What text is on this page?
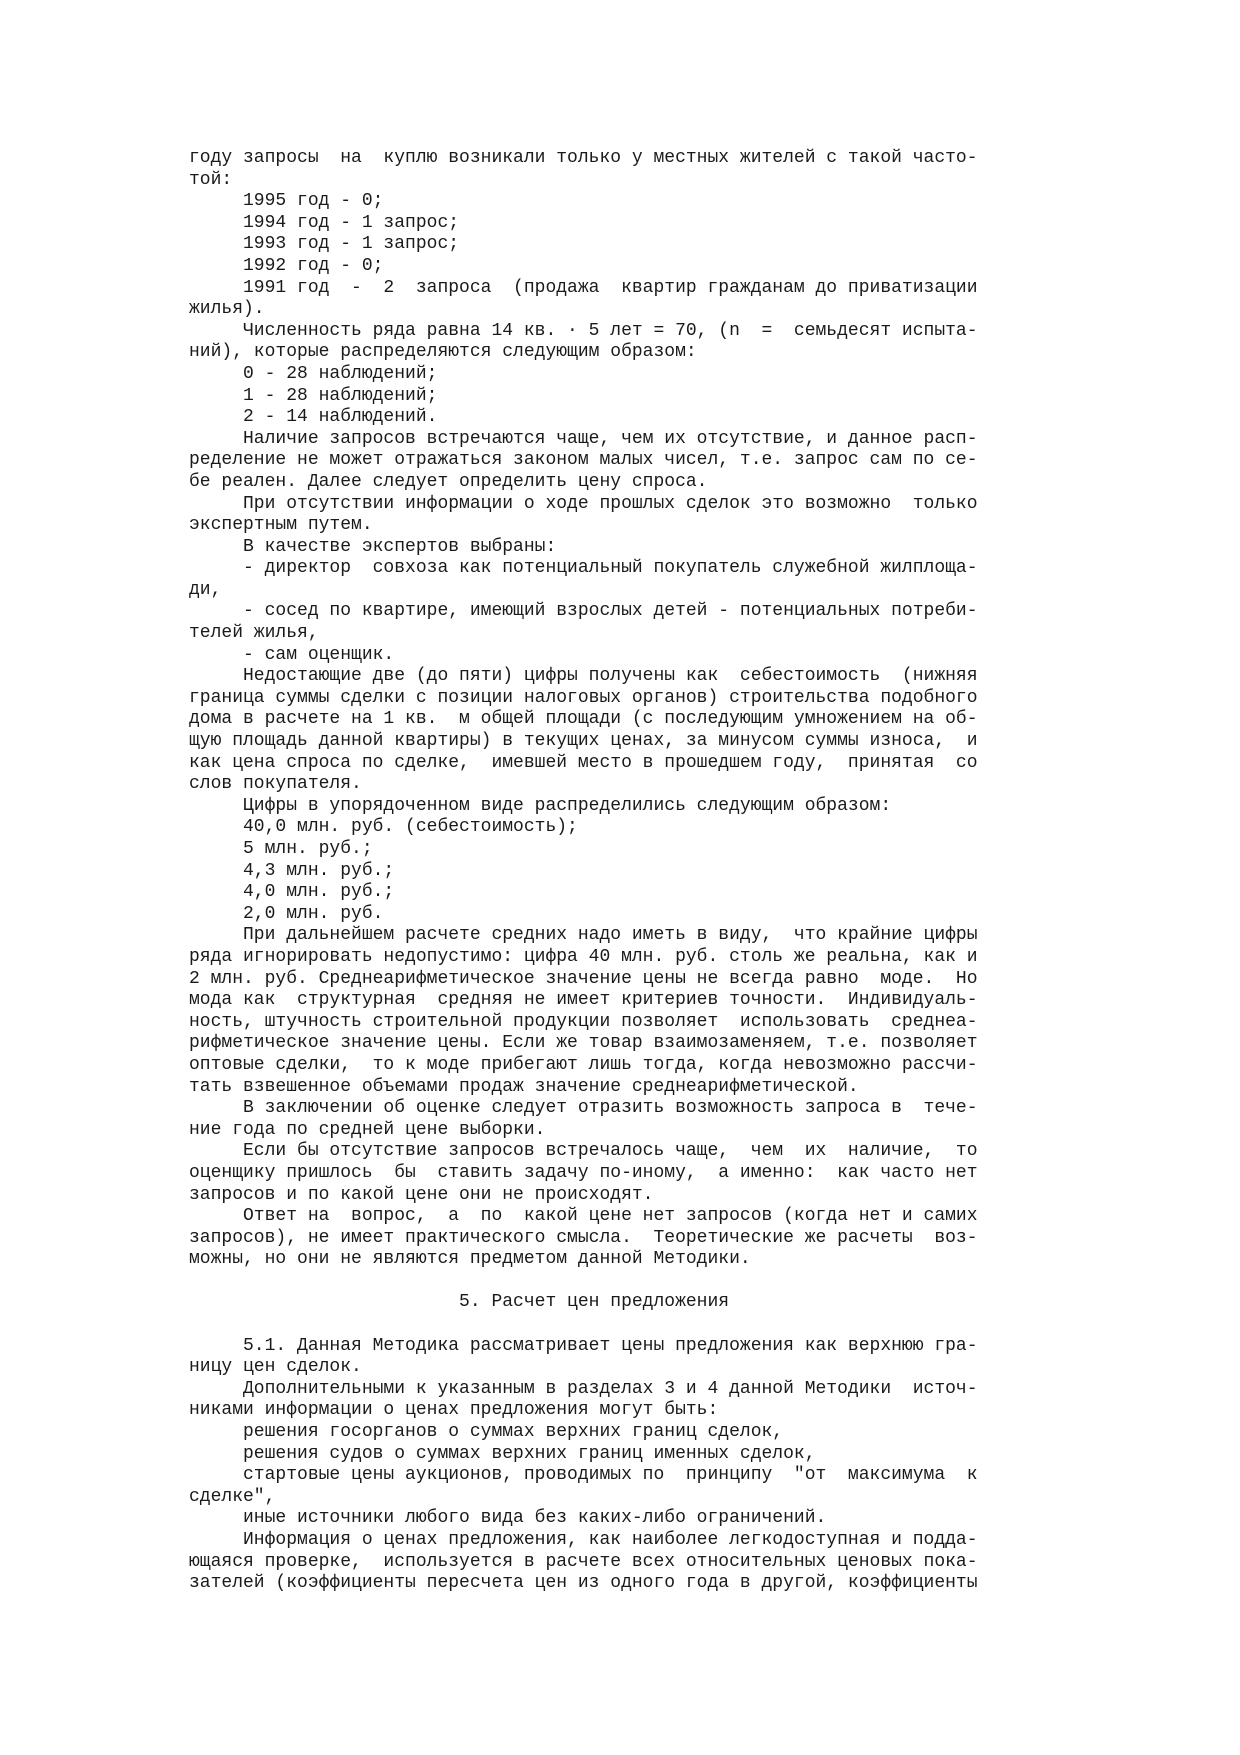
году запросы  на  куплю возникали только у местных жителей с такой часто-
той:
1995 год - 0;
1994 год - 1 запрос;
1993 год - 1 запрос;
1992 год - 0;
1991 год  -  2  запроса  (продажа  квартир гражданам до приватизации
жилья).
Численность ряда равна 14 кв. · 5 лет = 70, (n  =  семьдесят испыта-
ний), которые распределяются следующим образом:
0 - 28 наблюдений;
1 - 28 наблюдений;
2 - 14 наблюдений.
Наличие запросов встречаются чаще, чем их отсутствие, и данное расп-
ределение не может отражаться законом малых чисел, т.е. запрос сам по се-
бе реален. Далее следует определить цену спроса.
При отсутствии информации о ходе прошлых сделок это возможно  только
экспертным путем.
В качестве экспертов выбраны:
- директор  совхоза как потенциальный покупатель служебной жилплоща-
ди,
- сосед по квартире, имеющий взрослых детей - потенциальных потреби-
телей жилья,
- сам оценщик.
Недостающие две (до пяти) цифры получены как  себестоимость  (нижняя
граница суммы сделки с позиции налоговых органов) строительства подобного
дома в расчете на 1 кв.  м общей площади (с последующим умножением на об-
щую площадь данной квартиры) в текущих ценах, за минусом суммы износа,  и
как цена спроса по сделке,  имевшей место в прошедшем году,  принятая  со
слов покупателя.
Цифры в упорядоченном виде распределились следующим образом:
40,0 млн. руб. (себестоимость);
5 млн. руб.;
4,3 млн. руб.;
4,0 млн. руб.;
2,0 млн. руб.
При дальнейшем расчете средних надо иметь в виду,  что крайние цифры
ряда игнорировать недопустимо: цифра 40 млн. руб. столь же реальна, как и
2 млн. руб. Среднеарифметическое значение цены не всегда равно  моде.  Но
мода как  структурная  средняя не имеет критериев точности.  Индивидуаль-
ность, штучность строительной продукции позволяет  использовать  среднеа-
рифметическое значение цены. Если же товар взаимозаменяем, т.е. позволяет
оптовые сделки,  то к моде прибегают лишь тогда, когда невозможно рассчи-
тать взвешенное объемами продаж значение среднеарифметической.
В заключении об оценке следует отразить возможность запроса в  тече-
ние года по средней цене выборки.
Если бы отсутствие запросов встречалось чаще,  чем  их  наличие,  то
оценщику пришлось  бы  ставить задачу по-иному,  а именно:  как часто нет
запросов и по какой цене они не происходят.
Ответ на  вопрос,  а  по  какой цене нет запросов (когда нет и самих
запросов), не имеет практического смысла.  Теоретические же расчеты  воз-
можны, но они не являются предметом данной Методики.
5. Расчет цен предложения
5.1. Данная Методика рассматривает цены предложения как верхнюю гра-
ницу цен сделок.
Дополнительными к указанным в разделах 3 и 4 данной Методики  источ-
никами информации о ценах предложения могут быть:
решения госорганов о суммах верхних границ сделок,
решения судов о суммах верхних границ именных сделок,
стартовые цены аукционов, проводимых по  принципу  "от  максимума  к
сделке",
иные источники любого вида без каких-либо ограничений.
Информация о ценах предложения, как наиболее легкодоступная и подда-
ющаяся проверке,  используется в расчете всех относительных ценовых пока-
зателей (коэффициенты пересчета цен из одного года в другой, коэффициенты
